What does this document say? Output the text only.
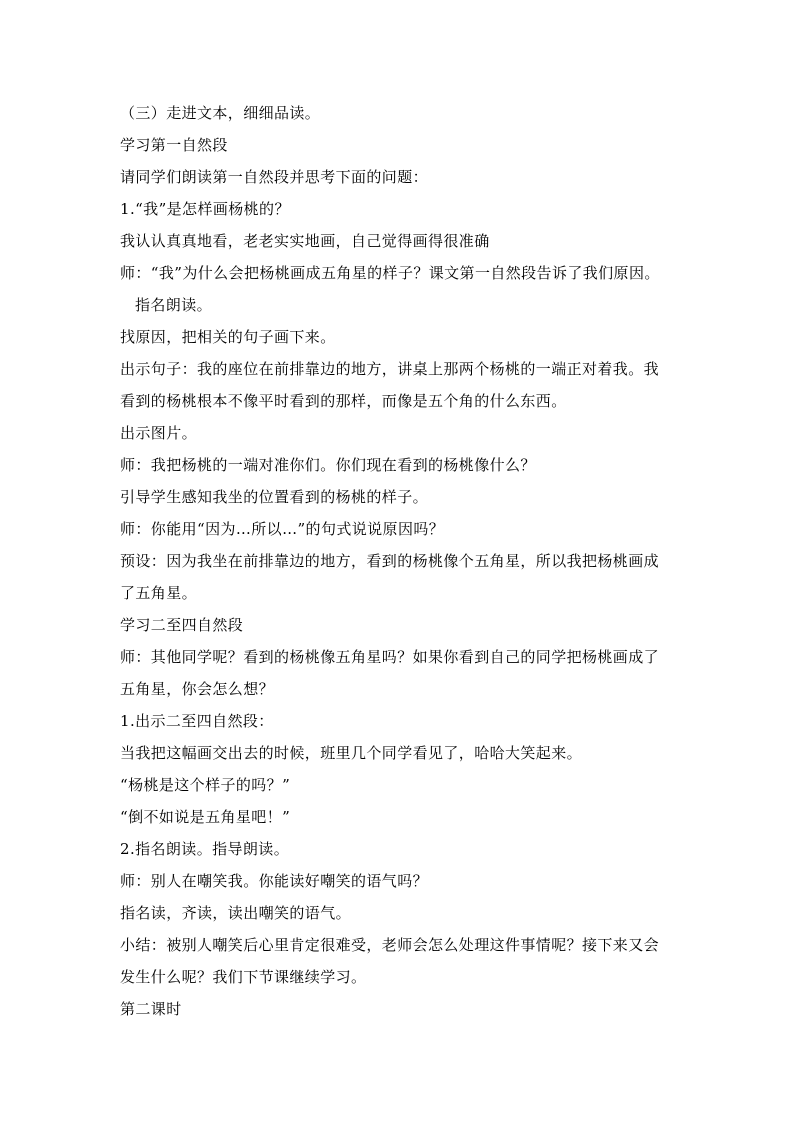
（三）走进文本，细细品读。
学习第一自然段
请同学们朗读第一自然段并思考下面的问题：
1.“我”是怎样画杨桃的？
我认认真真地看，老老实实地画，自己觉得画得很准确
师：“我”为什么会把杨桃画成五角星的样子？课文第一自然段告诉了我们原因。
指名朗读。
找原因，把相关的句子画下来。
出示句子：我的座位在前排靠边的地方，讲桌上那两个杨桃的一端正对着我。我
看到的杨桃根本不像平时看到的那样，而像是五个角的什么东西。
出示图片。
师：我把杨桃的一端对准你们。你们现在看到的杨桃像什么？
引导学生感知我坐的位置看到的杨桃的样子。
师：你能用“因为…所以…”的句式说说原因吗？
预设：因为我坐在前排靠边的地方，看到的杨桃像个五角星，所以我把杨桃画成
了五角星。
学习二至四自然段
师：其他同学呢？看到的杨桃像五角星吗？如果你看到自己的同学把杨桃画成了
五角星，你会怎么想？
1.出示二至四自然段：
当我把这幅画交出去的时候，班里几个同学看见了，哈哈大笑起来。
“杨桃是这个样子的吗？”
“倒不如说是五角星吧！”
2.指名朗读。指导朗读。
师：别人在嘲笑我。你能读好嘲笑的语气吗？
指名读，齐读，读出嘲笑的语气。
小结：被别人嘲笑后心里肯定很难受，老师会怎么处理这件事情呢？接下来又会
发生什么呢？我们下节课继续学习。
第二课时
